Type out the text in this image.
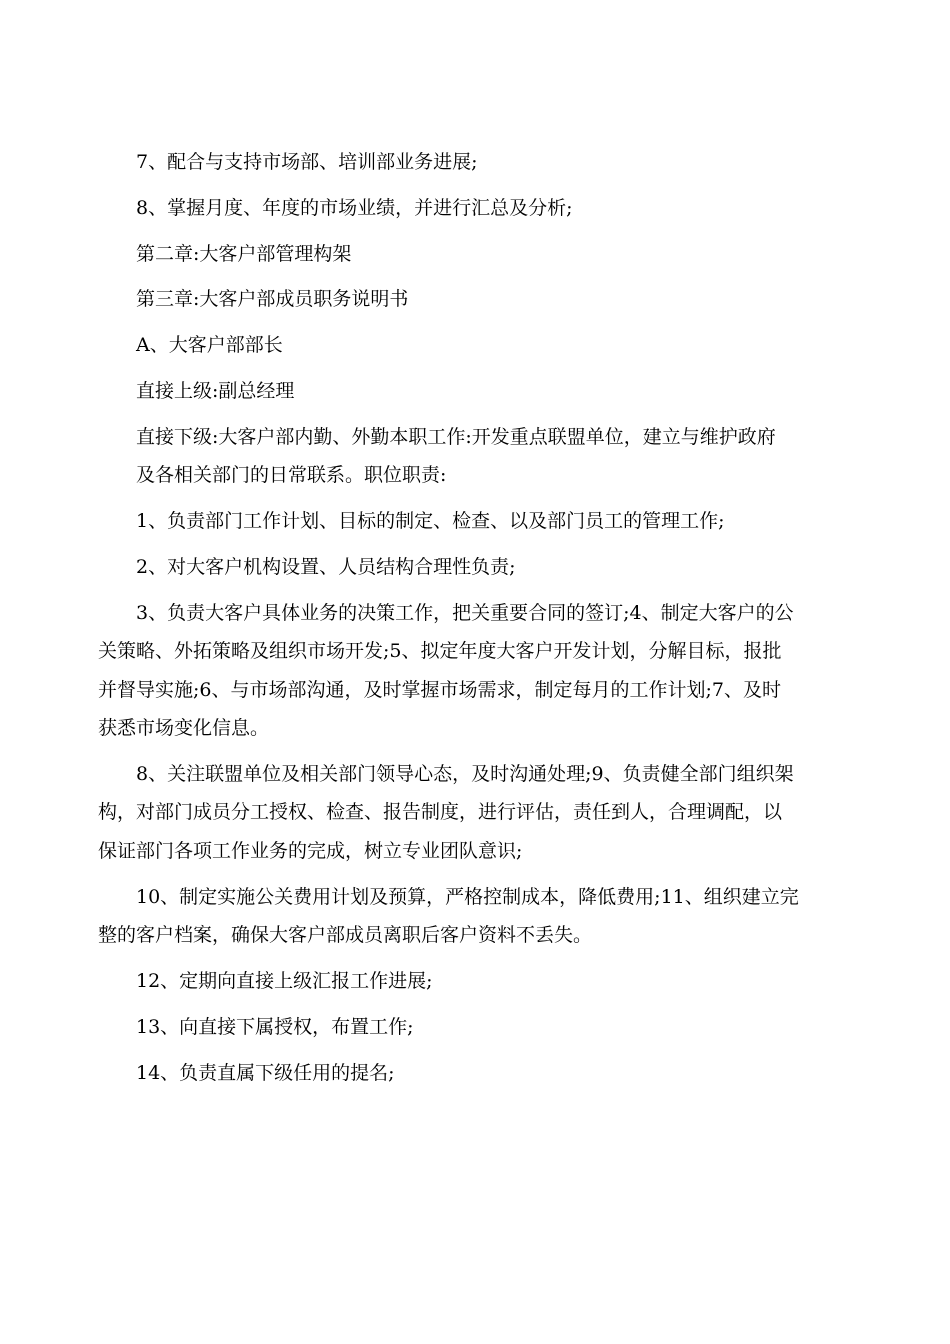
7、配合与支持市场部、培训部业务进展;
8、掌握月度、年度的市场业绩，并进行汇总及分析;
第二章:大客户部管理构架
第三章:大客户部成员职务说明书
A、大客户部部长
直接上级:副总经理
直接下级:大客户部内勤、外勤本职工作:开发重点联盟单位，建立与维护政府
及各相关部门的日常联系。职位职责:
1、负责部门工作计划、目标的制定、检查、以及部门员工的管理工作;
2、对大客户机构设置、人员结构合理性负责;
3、负责大客户具体业务的决策工作，把关重要合同的签订;4、制定大客户的公
关策略、外拓策略及组织市场开发;5、拟定年度大客户开发计划，分解目标，报批
并督导实施;6、与市场部沟通，及时掌握市场需求，制定每月的工作计划;7、及时
获悉市场变化信息。
8、关注联盟单位及相关部门领导心态，及时沟通处理;9、负责健全部门组织架
构，对部门成员分工授权、检查、报告制度，进行评估，责任到人，合理调配，以
保证部门各项工作业务的完成，树立专业团队意识;
10、制定实施公关费用计划及预算，严格控制成本，降低费用;11、组织建立完
整的客户档案，确保大客户部成员离职后客户资料不丢失。
12、定期向直接上级汇报工作进展;
13、向直接下属授权，布置工作;
14、负责直属下级任用的提名;
